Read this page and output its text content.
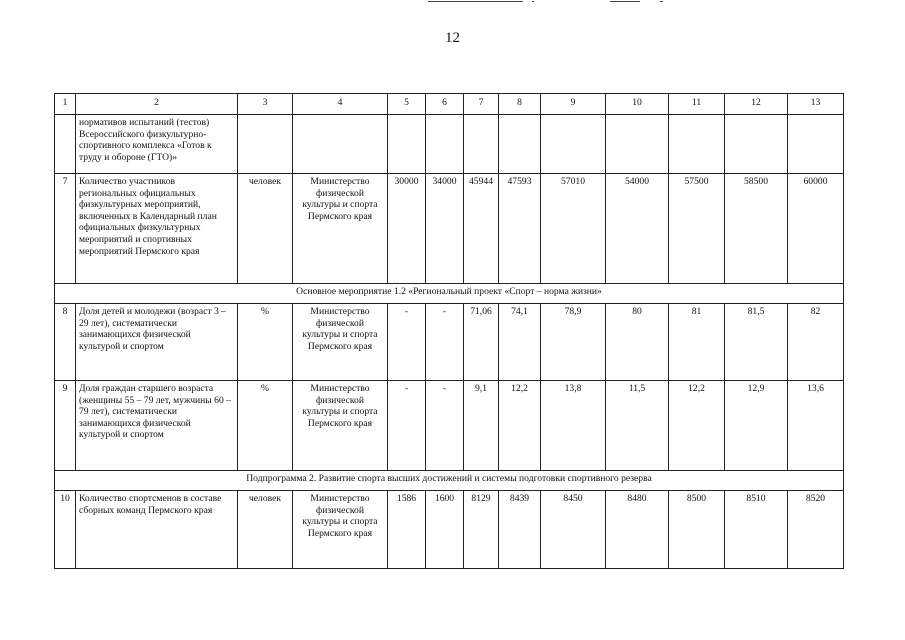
12
1	2	3	4	5	6	7	8	9	10	11	12	13
	нормативов испытаний (тестов) Всероссийского физкультурно-спортивного комплекса «Готов к труду и обороне (ГТО)»											
7	Количество участников региональных официальных физкультурных мероприятий, включенных в Календарный план официальных физкультурных мероприятий и спортивных мероприятий Пермского края	человек	Министерство физической культуры и спорта Пермского края	30000	34000	45944	47593	57010	54000	57500	58500	60000
Основное мероприятие 1.2 «Региональный проект «Спорт – норма жизни»												
8	Доля детей и молодежи (возраст 3 – 29 лет), систематически занимающихся физической культурой и спортом	%	Министерство физической культуры и спорта Пермского края	-	-	71,06	74,1	78,9	80	81	81,5	82
9	Доля граждан старшего возраста (женщины 55 – 79 лет, мужчины 60 – 79 лет), систематически занимающихся физической культурой и спортом	%	Министерство физической культуры и спорта Пермского края	-	-	9,1	12,2	13,8	11,5	12,2	12,9	13,6
Подпрограмма 2. Развитие спорта высших достижений и системы подготовки спортивного резерва												
10	Количество спортсменов в составе сборных команд Пермского края	человек	Министерство физической культуры и спорта Пермского края	1586	1600	8129	8439	8450	8480	8500	8510	8520
